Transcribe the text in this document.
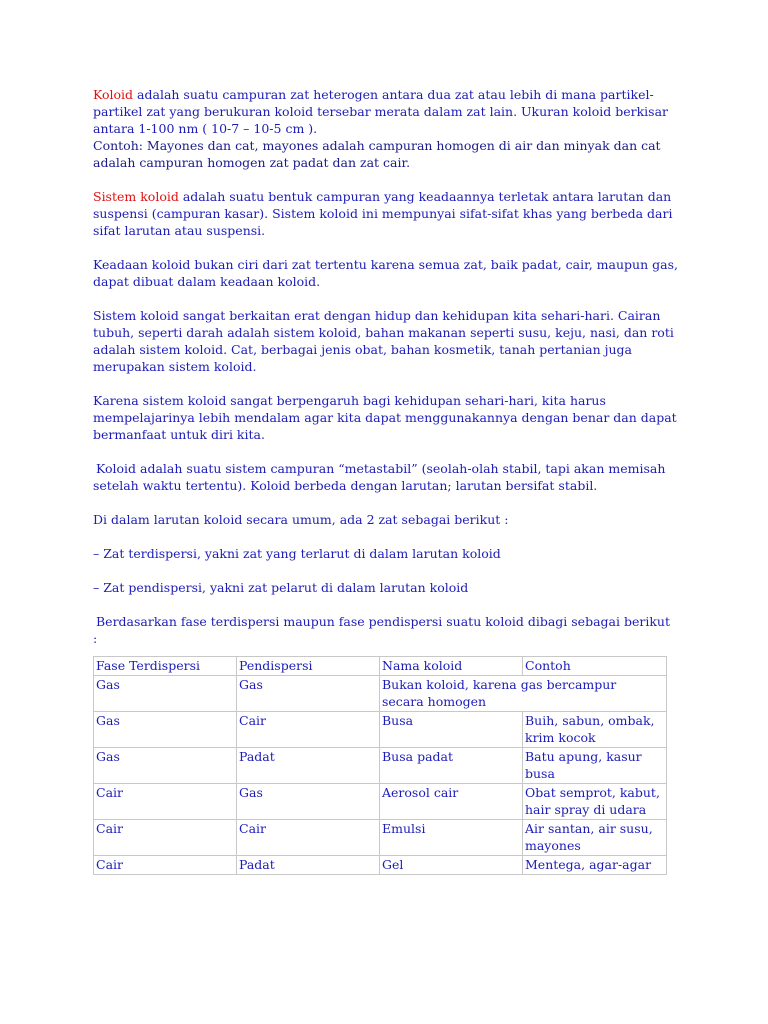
Koloid adalah suatu campuran zat heterogen antara dua zat atau lebih di mana partikel-partikel zat yang berukuran koloid tersebar merata dalam zat lain. Ukuran koloid berkisar antara 1-100 nm ( 10-7 – 10-5 cm ).
Contoh: Mayones dan cat, mayones adalah campuran homogen di air dan minyak dan cat adalah campuran homogen zat padat dan zat cair.

Sistem koloid adalah suatu bentuk campuran yang keadaannya terletak antara larutan dan suspensi (campuran kasar). Sistem koloid ini mempunyai sifat-sifat khas yang berbeda dari sifat larutan atau suspensi.

Keadaan koloid bukan ciri dari zat tertentu karena semua zat, baik padat, cair, maupun gas, dapat dibuat dalam keadaan koloid.

Sistem koloid sangat berkaitan erat dengan hidup dan kehidupan kita sehari-hari. Cairan tubuh, seperti darah adalah sistem koloid, bahan makanan seperti susu, keju, nasi, dan roti adalah sistem koloid. Cat, berbagai jenis obat, bahan kosmetik, tanah pertanian juga merupakan sistem koloid.

Karena sistem koloid sangat berpengaruh bagi kehidupan sehari-hari, kita harus mempelajarinya lebih mendalam agar kita dapat menggunakannya dengan benar dan dapat bermanfaat untuk diri kita.

Koloid adalah suatu sistem campuran “metastabil” (seolah-olah stabil, tapi akan memisah setelah waktu tertentu). Koloid berbeda dengan larutan; larutan bersifat stabil.

Di dalam larutan koloid secara umum, ada 2 zat sebagai berikut :

– Zat terdispersi, yakni zat yang terlarut di dalam larutan koloid

– Zat pendispersi, yakni zat pelarut di dalam larutan koloid

Berdasarkan fase terdispersi maupun fase pendispersi suatu koloid dibagi sebagai berikut :

Fase Terdispersi	Pendispersi	Nama koloid	Contoh
Gas	Gas	Bukan koloid, karena gas bercampur secara homogen	

Gas	Cair	Busa	Buih, sabun, ombak, krim kocok
Gas	Padat	Busa padat	Batu apung, kasur busa
Cair	Gas	Aerosol cair	Obat semprot, kabut, hair spray di udara
Cair	Cair	Emulsi	Air santan, air susu, mayones
Cair	Padat	Gel	Mentega, agar-agar
